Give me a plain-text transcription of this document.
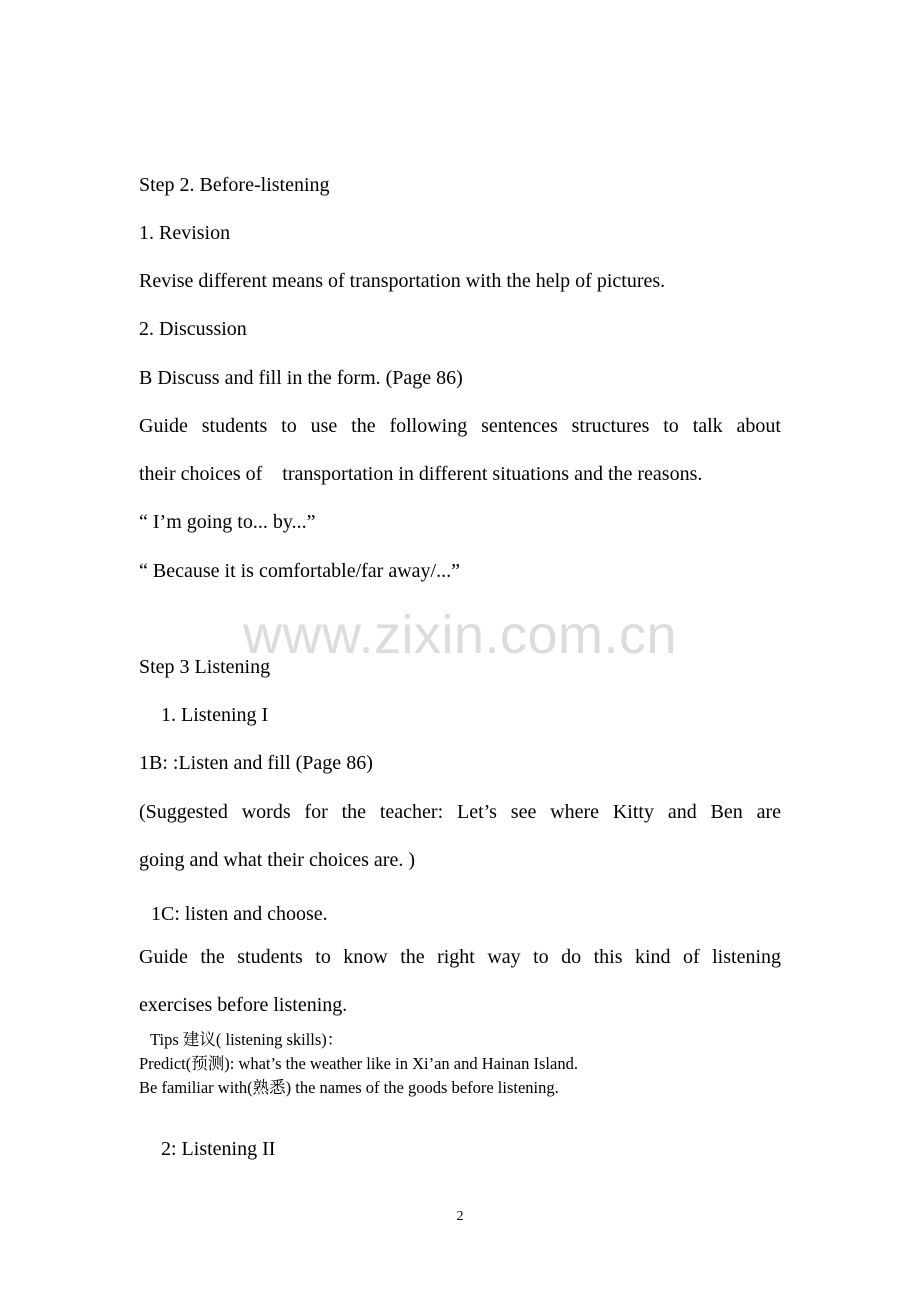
Step 2. Before-listening

1. Revision

Revise different means of transportation with the help of pictures.

2. Discussion

B Discuss and fill in the form. (Page 86)

Guide students to use the following sentences structures to talk about

their choices of    transportation in different situations and the reasons.

“ I’m going to... by...”

“ Because it is comfortable/far away/...”

www.zixin.com.cn

Step 3 Listening

1. Listening I

1B: :Listen and fill (Page 86)

(Suggested words for the teacher: Let’s see where Kitty and Ben are

going and what their choices are. )

1C: listen and choose.

Guide the students to know the right way to do this kind of listening

exercises before listening.

Tips 建议( listening skills)：

Predict(预测): what’s the weather like in Xi’an and Hainan Island.

Be familiar with(熟悉) the names of the goods before listening.

2: Listening II

2
